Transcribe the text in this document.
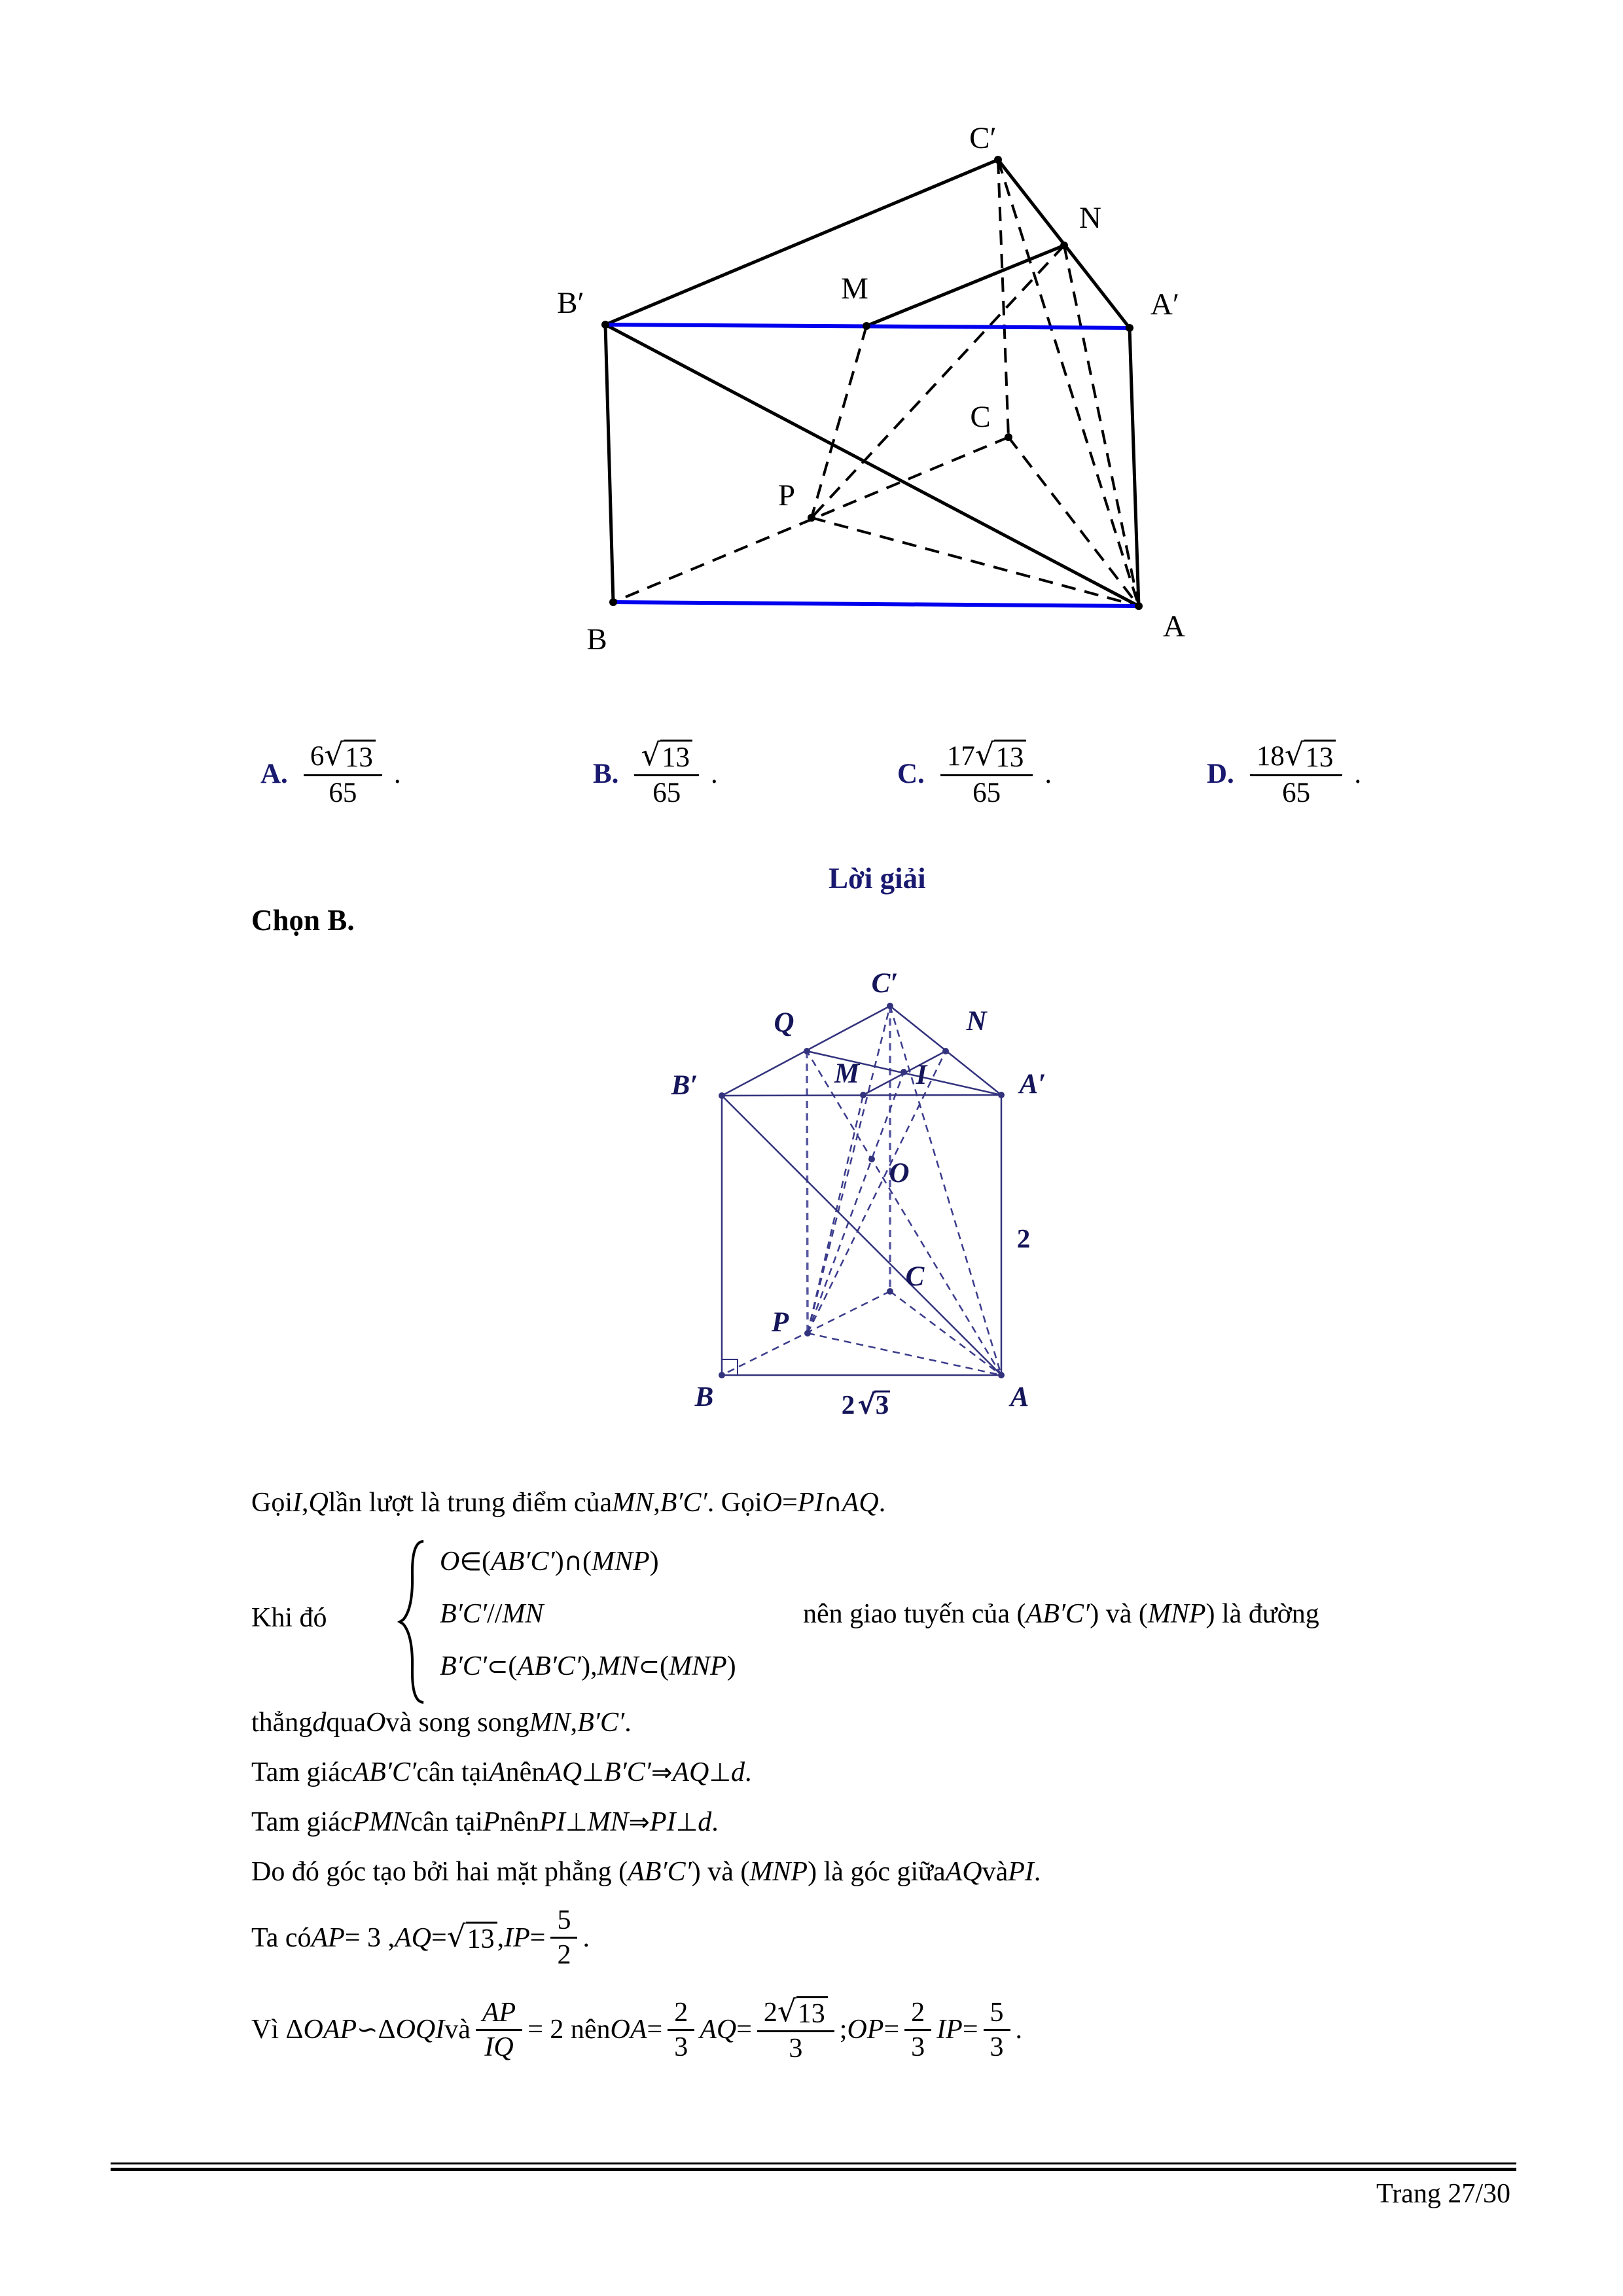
C′
N
B′	M	A′
C
P
B	A
A. $\frac{6 √ 13}{65}$ .	B. $\frac{√ 13}{65}$ .	C. $\frac{17 √ 13}{65}$ .	D. $\frac{18 √ 13}{65}$ .
Lời giải
Chọn B.
C′
Q	N
B′	M I	A′
O
C
P
B	A
2
2 √ 3
Gọi I , Q lần lượt là trung điểm của MN , B′C′ . Gọi O = PI ∩ AQ .
Khi đó
O ∈ ( AB′C′ ) ∩ ( MNP )
B′C′ // MN
B′C′ ⊂ ( AB′C′ ), MN ⊂ ( MNP )
nên giao tuyến của ( AB′C′ ) và ( MNP ) là đường
thẳng d qua O và song song MN , B′C′ .
Tam giác AB′C′ cân tại A nên AQ ⊥ B′C′ ⇒ AQ ⊥ d .
Tam giác PMN cân tại P nên PI ⊥ MN ⇒ PI ⊥ d .
Do đó góc tạo bởi hai mặt phẳng ( AB′C′ ) và ( MNP ) là góc giữa AQ và PI .
Ta có AP = 3 , AQ = √ 13 , IP = $\frac{5}{2}$ .
Vì Δ OAP ∽ Δ OQI và $\frac{AP}{IQ} = 2$ nên OA = $\frac{2}{3}$ AQ = $\frac{2 √ 13}{3}$ ; OP = $\frac{2}{3}$ IP = $\frac{5}{3}$ .
Trang 27/30
